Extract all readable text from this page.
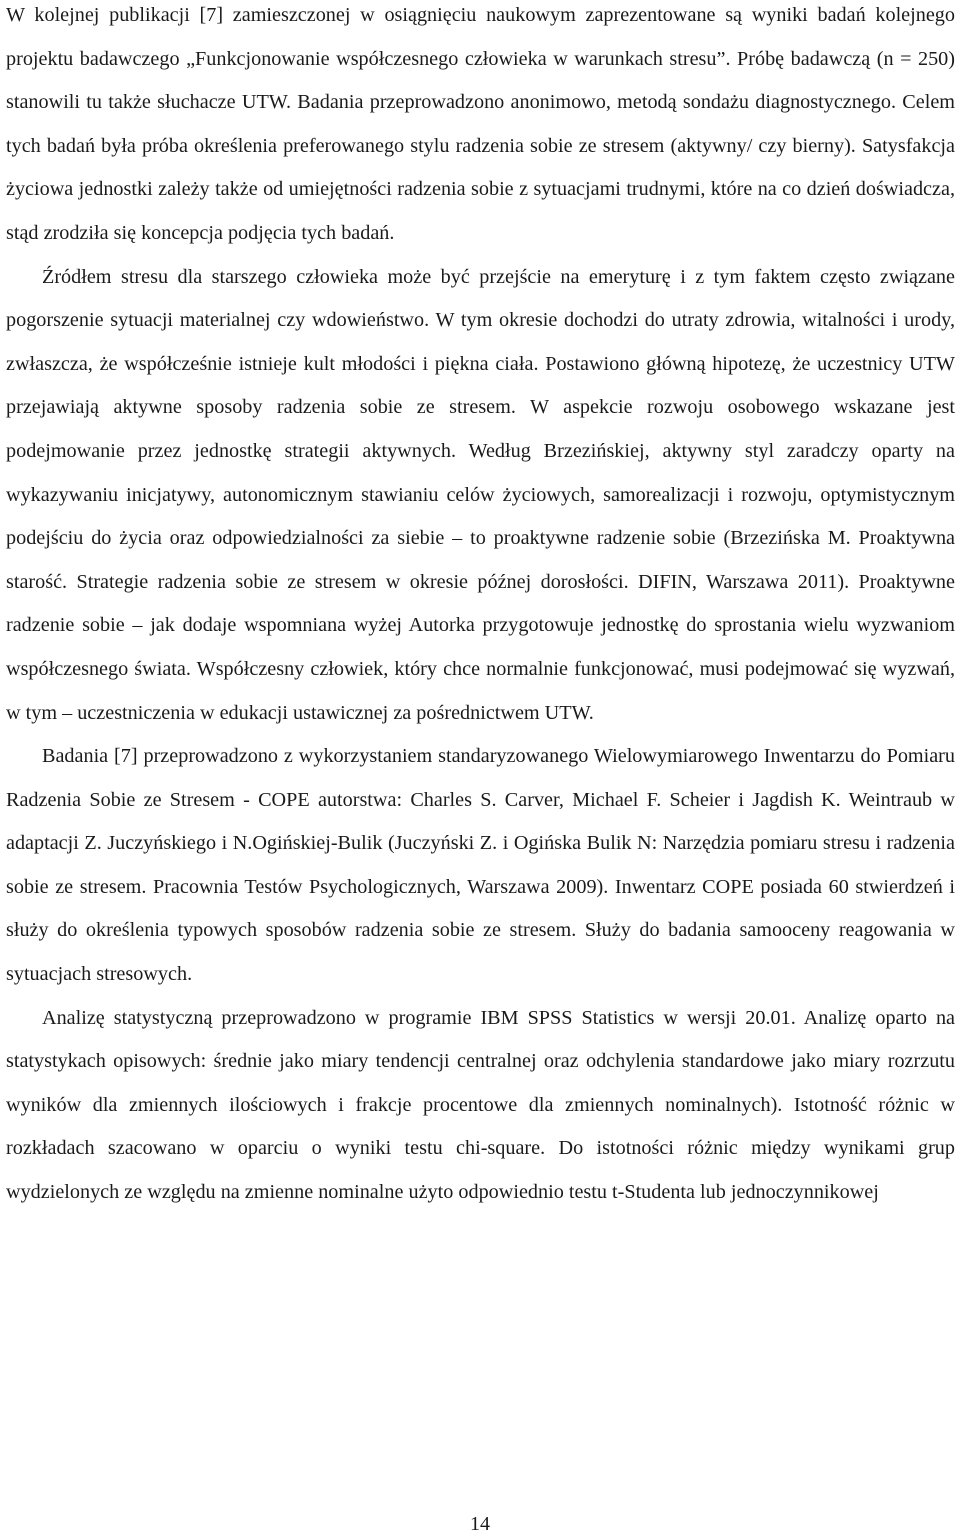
W kolejnej publikacji [7] zamieszczonej w osiągnięciu naukowym zaprezentowane są wyniki badań kolejnego projektu badawczego „Funkcjonowanie współczesnego człowieka w warunkach stresu”. Próbę badawczą (n = 250) stanowili tu także słuchacze UTW. Badania przeprowadzono anonimowo, metodą sondażu diagnostycznego. Celem tych badań była próba określenia preferowanego stylu radzenia sobie ze stresem (aktywny/ czy bierny). Satysfakcja życiowa jednostki zależy także od umiejętności radzenia sobie z sytuacjami trudnymi, które na co dzień doświadcza, stąd zrodziła się koncepcja podjęcia tych badań.

Źródłem stresu dla starszego człowieka może być przejście na emeryturę i z tym faktem często związane pogorszenie sytuacji materialnej czy wdowieństwo. W tym okresie dochodzi do utraty zdrowia, witalności i urody, zwłaszcza, że współcześnie istnieje kult młodości i piękna ciała. Postawiono główną hipotezę, że uczestnicy UTW przejawiają aktywne sposoby radzenia sobie ze stresem. W aspekcie rozwoju osobowego wskazane jest podejmowanie przez jednostkę strategii aktywnych. Według Brzezińskiej, aktywny styl zaradczy oparty na wykazywaniu inicjatywy, autonomicznym stawianiu celów życiowych, samorealizacji i rozwoju, optymistycznym podejściu do życia oraz odpowiedzialności za siebie – to proaktywne radzenie sobie (Brzezińska M. Proaktywna starość. Strategie radzenia sobie ze stresem w okresie późnej dorosłości. DIFIN, Warszawa 2011). Proaktywne radzenie sobie – jak dodaje wspomniana wyżej Autorka przygotowuje jednostkę do sprostania wielu wyzwaniom współczesnego świata. Współczesny człowiek, który chce normalnie funkcjonować, musi podejmować się wyzwań, w tym – uczestniczenia w edukacji ustawicznej za pośrednictwem UTW.

Badania [7] przeprowadzono z wykorzystaniem standaryzowanego Wielowymiarowego Inwentarzu do Pomiaru Radzenia Sobie ze Stresem - COPE autorstwa: Charles S. Carver, Michael F. Scheier i Jagdish K. Weintraub w adaptacji Z. Juczyńskiego i N.Ogińskiej-Bulik (Juczyński Z. i Ogińska Bulik N: Narzędzia pomiaru stresu i radzenia sobie ze stresem. Pracownia Testów Psychologicznych, Warszawa 2009). Inwentarz COPE posiada 60 stwierdzeń i służy do określenia typowych sposobów radzenia sobie ze stresem. Służy do badania samooceny reagowania w sytuacjach stresowych.

Analizę statystyczną przeprowadzono w programie IBM SPSS Statistics w wersji 20.01. Analizę oparto na statystykach opisowych: średnie jako miary tendencji centralnej oraz odchylenia standardowe jako miary rozrzutu wyników dla zmiennych ilościowych i frakcje procentowe dla zmiennych nominalnych). Istotność różnic w rozkładach szacowano w oparciu o wyniki testu chi-square. Do istotności różnic między wynikami grup wydzielonych ze względu na zmienne nominalne użyto odpowiednio testu t-Studenta lub jednoczynnikowej

14
